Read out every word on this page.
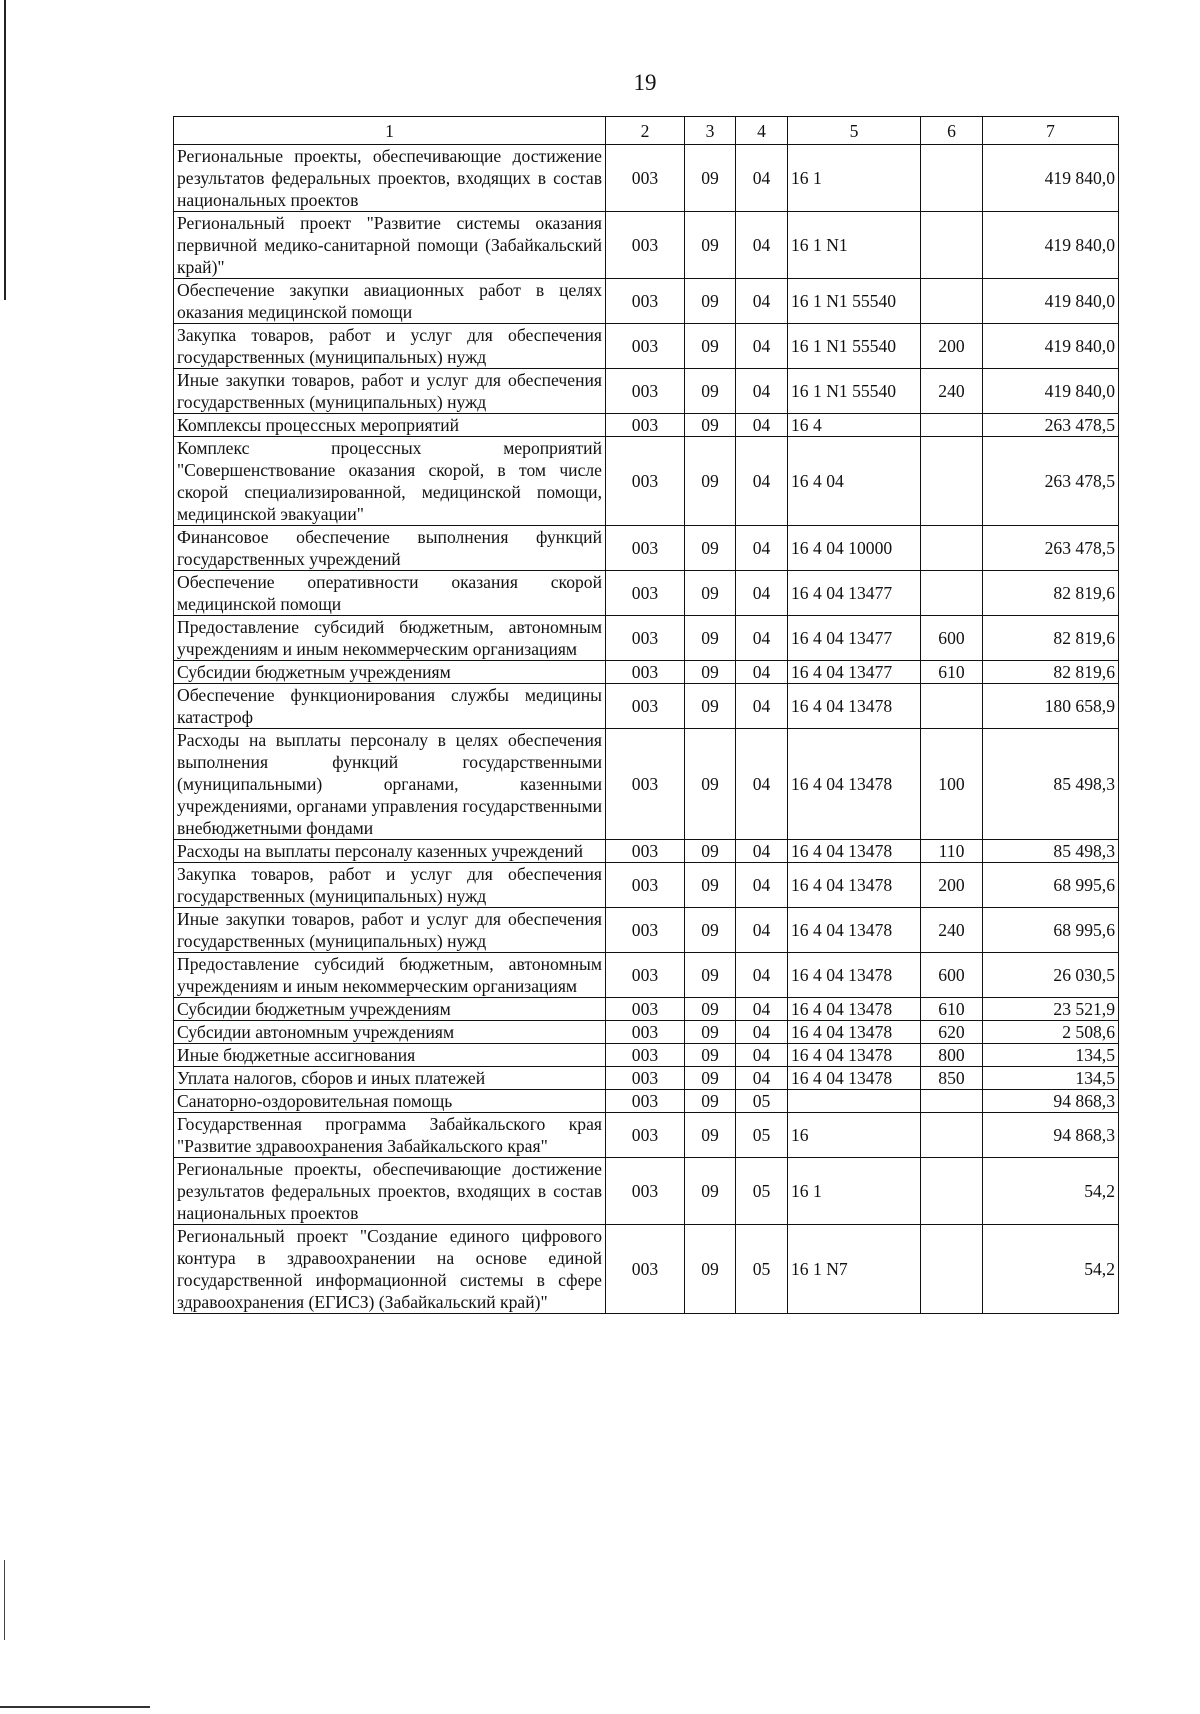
19
1	2	3	4	5	6	7
Региональные проекты, обеспечивающие достижение результатов федеральных проектов, входящих в состав национальных проектов	003	09	04	16 1		419 840,0
Региональный проект "Развитие системы оказания первичной медико-санитарной помощи (Забайкальский край)"	003	09	04	16 1 N1		419 840,0
Обеспечение закупки авиационных работ в целях оказания медицинской помощи	003	09	04	16 1 N1 55540		419 840,0
Закупка товаров, работ и услуг для обеспечения государственных (муниципальных) нужд	003	09	04	16 1 N1 55540	200	419 840,0
Иные закупки товаров, работ и услуг для обеспечения государственных (муниципальных) нужд	003	09	04	16 1 N1 55540	240	419 840,0
Комплексы процессных мероприятий	003	09	04	16 4		263 478,5
Комплекс процессных мероприятий "Совершенствование оказания скорой, в том числе скорой специализированной, медицинской помощи, медицинской эвакуации"	003	09	04	16 4 04		263 478,5
Финансовое обеспечение выполнения функций государственных учреждений	003	09	04	16 4 04 10000		263 478,5
Обеспечение оперативности оказания скорой медицинской помощи	003	09	04	16 4 04 13477		82 819,6
Предоставление субсидий бюджетным, автономным учреждениям и иным некоммерческим организациям	003	09	04	16 4 04 13477	600	82 819,6
Субсидии бюджетным учреждениям	003	09	04	16 4 04 13477	610	82 819,6
Обеспечение функционирования службы медицины катастроф	003	09	04	16 4 04 13478		180 658,9
Расходы на выплаты персоналу в целях обеспечения выполнения функций государственными (муниципальными) органами, казенными учреждениями, органами управления государственными внебюджетными фондами	003	09	04	16 4 04 13478	100	85 498,3
Расходы на выплаты персоналу казенных учреждений	003	09	04	16 4 04 13478	110	85 498,3
Закупка товаров, работ и услуг для обеспечения государственных (муниципальных) нужд	003	09	04	16 4 04 13478	200	68 995,6
Иные закупки товаров, работ и услуг для обеспечения государственных (муниципальных) нужд	003	09	04	16 4 04 13478	240	68 995,6
Предоставление субсидий бюджетным, автономным учреждениям и иным некоммерческим организациям	003	09	04	16 4 04 13478	600	26 030,5
Субсидии бюджетным учреждениям	003	09	04	16 4 04 13478	610	23 521,9
Субсидии автономным учреждениям	003	09	04	16 4 04 13478	620	2 508,6
Иные бюджетные ассигнования	003	09	04	16 4 04 13478	800	134,5
Уплата налогов, сборов и иных платежей	003	09	04	16 4 04 13478	850	134,5
Санаторно-оздоровительная помощь	003	09	05			94 868,3
Государственная программа Забайкальского края "Развитие здравоохранения Забайкальского края"	003	09	05	16		94 868,3
Региональные проекты, обеспечивающие достижение результатов федеральных проектов, входящих в состав национальных проектов	003	09	05	16 1		54,2
Региональный проект "Создание единого цифрового контура в здравоохранении на основе единой государственной информационной системы в сфере здравоохранения (ЕГИСЗ) (Забайкальский край)"	003	09	05	16 1 N7		54,2
